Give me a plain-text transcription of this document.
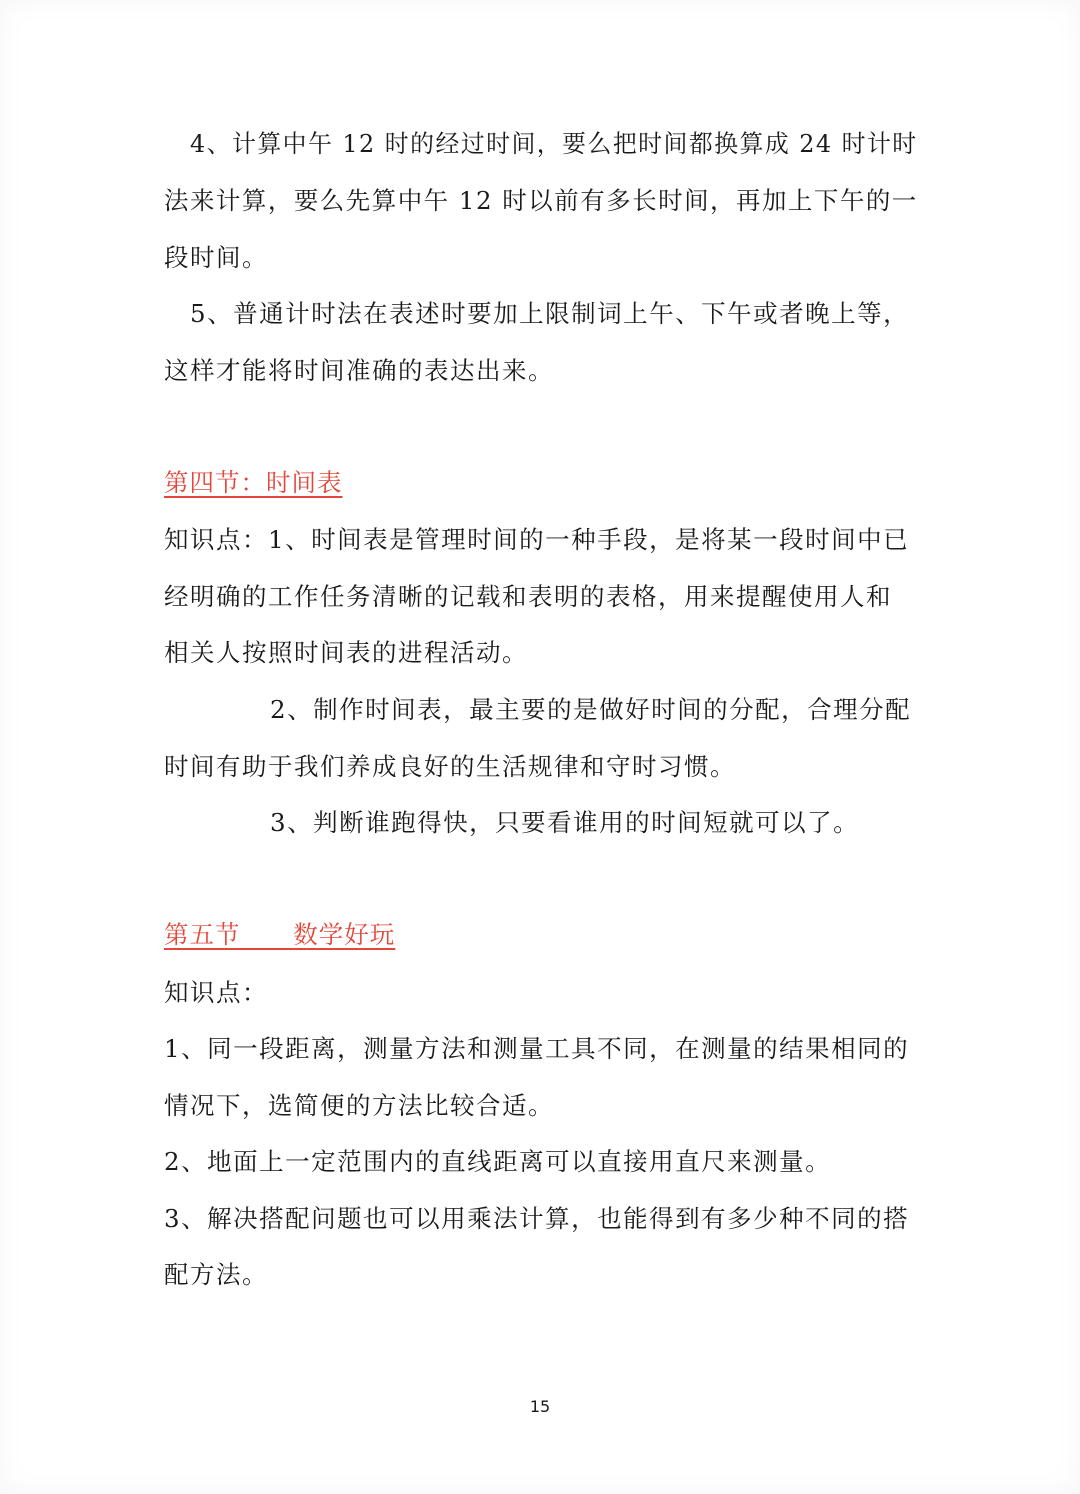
4、计算中午 12 时的经过时间，要么把时间都换算成 24 时计时
法来计算，要么先算中午 12 时以前有多长时间，再加上下午的一
段时间。
5、普通计时法在表述时要加上限制词上午、下午或者晚上等，
这样才能将时间准确的表达出来。
第四节：时间表
知识点：1、时间表是管理时间的一种手段，是将某一段时间中已
经明确的工作任务清晰的记载和表明的表格，用来提醒使用人和
相关人按照时间表的进程活动。
2、制作时间表，最主要的是做好时间的分配，合理分配
时间有助于我们养成良好的生活规律和守时习惯。
3、判断谁跑得快，只要看谁用的时间短就可以了。
第五节      数学好玩
知识点：
1、同一段距离，测量方法和测量工具不同，在测量的结果相同的
情况下，选简便的方法比较合适。
2、地面上一定范围内的直线距离可以直接用直尺来测量。
3、解决搭配问题也可以用乘法计算，也能得到有多少种不同的搭
配方法。
15
